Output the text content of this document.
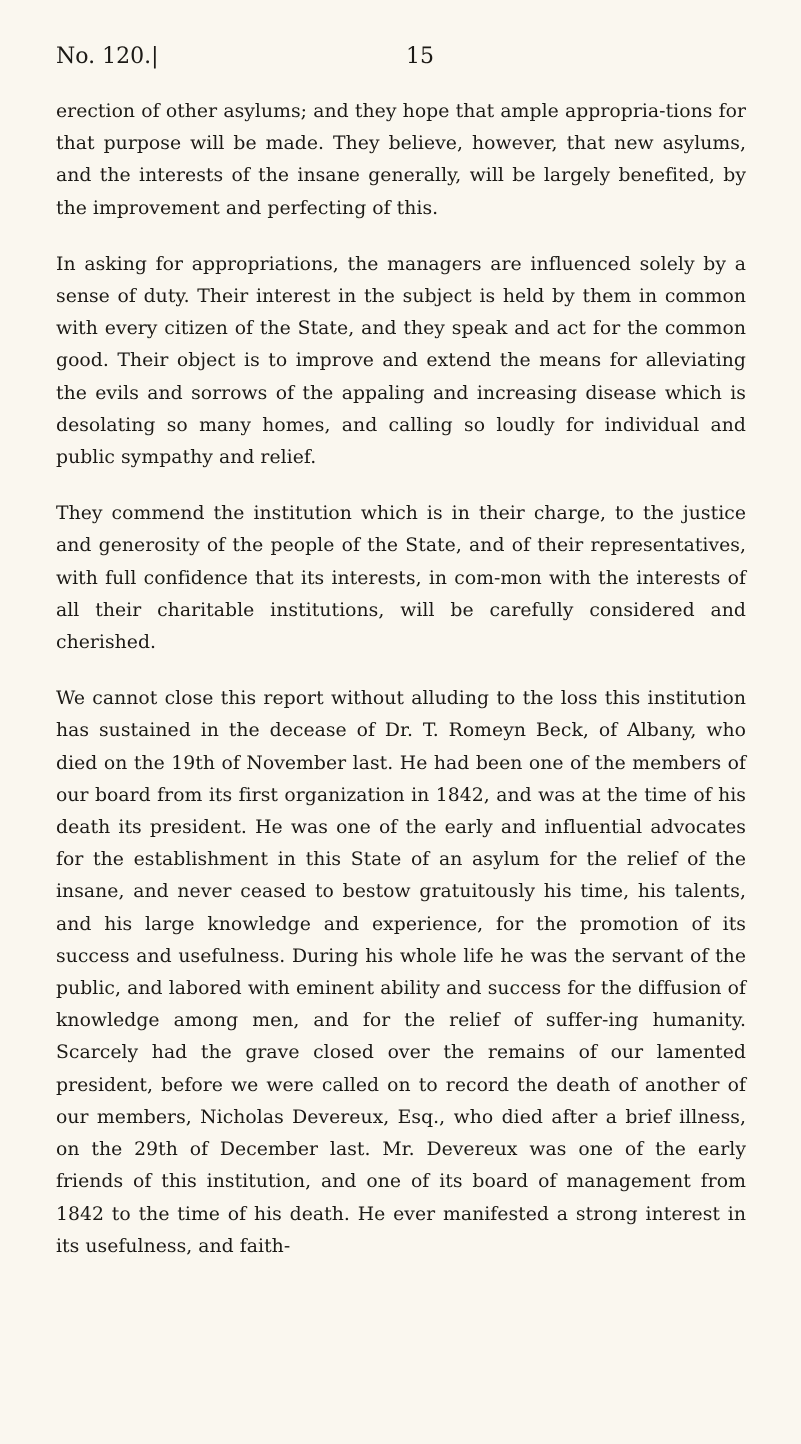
No. 120.|	15

erection of other asylums; and they hope that ample appropria-tions for that purpose will be made. They believe, however, that new asylums, and the interests of the insane generally, will be largely benefited, by the improvement and perfecting of this.

In asking for appropriations, the managers are influenced solely by a sense of duty. Their interest in the subject is held by them in common with every citizen of the State, and they speak and act for the common good. Their object is to improve and extend the means for alleviating the evils and sorrows of the appaling and increasing disease which is desolating so many homes, and calling so loudly for individual and public sympathy and relief.

They commend the institution which is in their charge, to the justice and generosity of the people of the State, and of their representatives, with full confidence that its interests, in com-mon with the interests of all their charitable institutions, will be carefully considered and cherished.

We cannot close this report without alluding to the loss this institution has sustained in the decease of Dr. T. Romeyn Beck, of Albany, who died on the 19th of November last. He had been one of the members of our board from its first organization in 1842, and was at the time of his death its president. He was one of the early and influential advocates for the establishment in this State of an asylum for the relief of the insane, and never ceased to bestow gratuitously his time, his talents, and his large knowledge and experience, for the promotion of its success and usefulness. During his whole life he was the servant of the public, and labored with eminent ability and success for the diffusion of knowledge among men, and for the relief of suffer-ing humanity. Scarcely had the grave closed over the remains of our lamented president, before we were called on to record the death of another of our members, Nicholas Devereux, Esq., who died after a brief illness, on the 29th of December last. Mr. Devereux was one of the early friends of this institution, and one of its board of management from 1842 to the time of his death. He ever manifested a strong interest in its usefulness, and faith-
